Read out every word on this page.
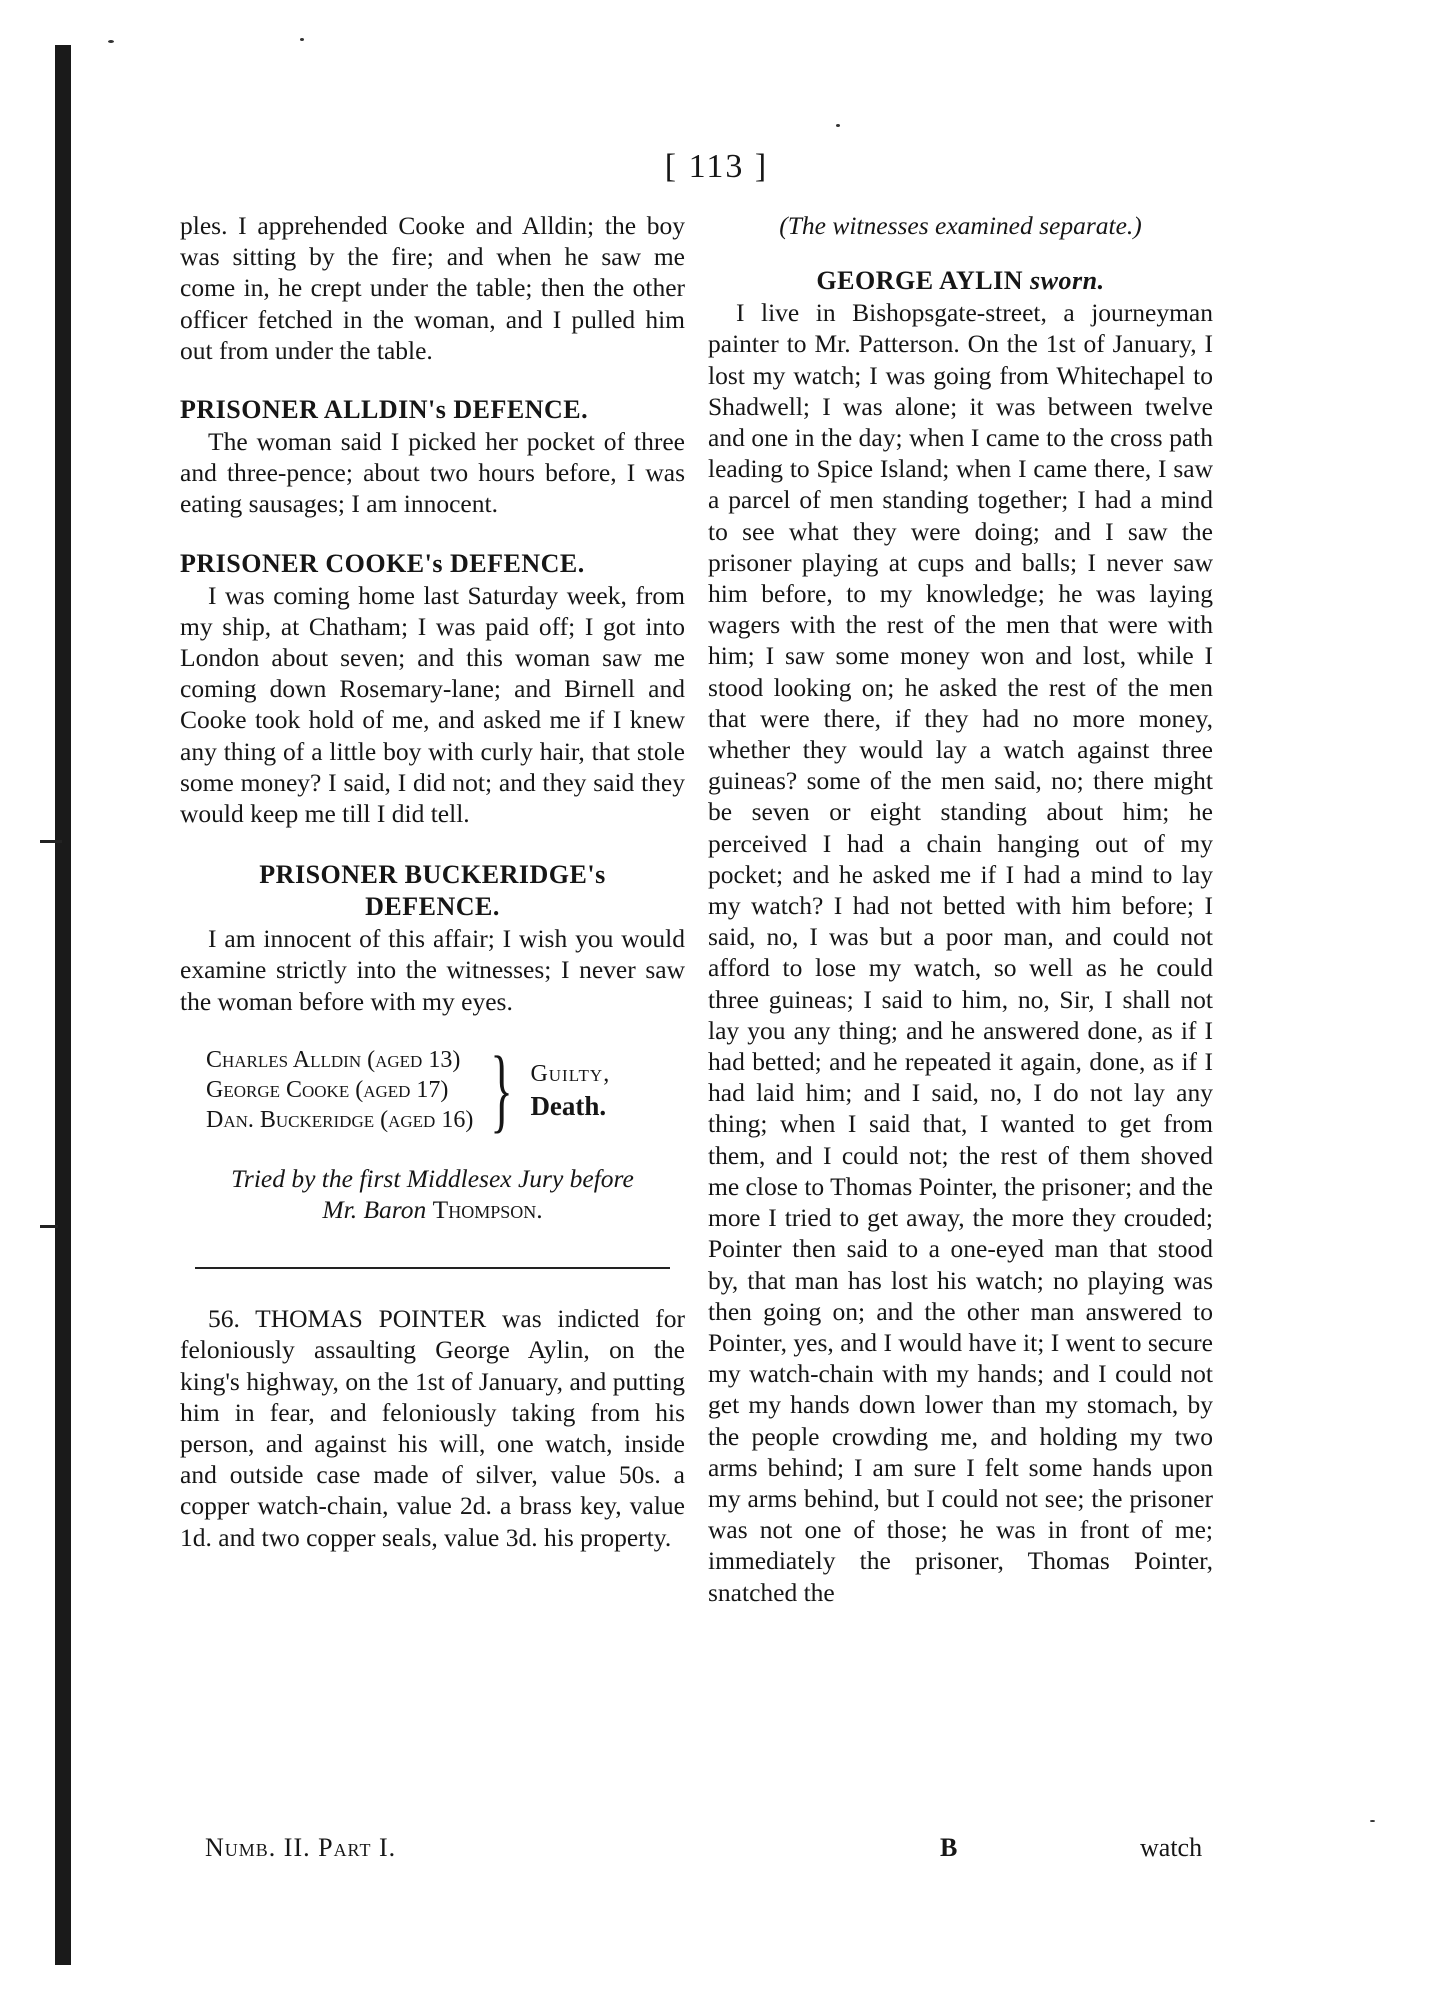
[ 113 ]

ples. I apprehended Cooke and Alldin; the boy was sitting by the fire; and when he saw me come in, he crept under the table; then the other officer fetched in the woman, and I pulled him out from under the table.

PRISONER ALLDIN's DEFENCE.

The woman said I picked her pocket of three and three-pence; about two hours before, I was eating sausages; I am innocent.

PRISONER COOKE's DEFENCE.

I was coming home last Saturday week, from my ship, at Chatham; I was paid off; I got into London about seven; and this woman saw me coming down Rosemary-lane; and Birnell and Cooke took hold of me, and asked me if I knew any thing of a little boy with curly hair, that stole some money? I said, I did not; and they said they would keep me till I did tell.

PRISONER BUCKERIDGE's
DEFENCE.

I am innocent of this affair; I wish you would examine strictly into the witnesses; I never saw the woman before with my eyes.

Charles Alldin (aged 13)
George Cooke (aged 17)
Dan. Buckeridge (aged 16) } Guilty,
Death.

Tried by the first Middlesex Jury before

Mr. Baron Thompson.

56. THOMAS POINTER was indicted for feloniously assaulting George Aylin, on the king's highway, on the 1st of January, and putting him in fear, and feloniously taking from his person, and against his will, one watch, inside and outside case made of silver, value 50s. a copper watch-chain, value 2d. a brass key, value 1d. and two copper seals, value 3d. his property.

(The witnesses examined separate.)

GEORGE AYLIN sworn.

I live in Bishopsgate-street, a journeyman painter to Mr. Patterson. On the 1st of January, I lost my watch; I was going from Whitechapel to Shadwell; I was alone; it was between twelve and one in the day; when I came to the cross path leading to Spice Island; when I came there, I saw a parcel of men standing together; I had a mind to see what they were doing; and I saw the prisoner playing at cups and balls; I never saw him before, to my knowledge; he was laying wagers with the rest of the men that were with him; I saw some money won and lost, while I stood looking on; he asked the rest of the men that were there, if they had no more money, whether they would lay a watch against three guineas? some of the men said, no; there might be seven or eight standing about him; he perceived I had a chain hanging out of my pocket; and he asked me if I had a mind to lay my watch? I had not betted with him before; I said, no, I was but a poor man, and could not afford to lose my watch, so well as he could three guineas; I said to him, no, Sir, I shall not lay you any thing; and he answered done, as if I had betted; and he repeated it again, done, as if I had laid him; and I said, no, I do not lay any thing; when I said that, I wanted to get from them, and I could not; the rest of them shoved me close to Thomas Pointer, the prisoner; and the more I tried to get away, the more they crouded; Pointer then said to a one-eyed man that stood by, that man has lost his watch; no playing was then going on; and the other man answered to Pointer, yes, and I would have it; I went to secure my watch-chain with my hands; and I could not get my hands down lower than my stomach, by the people crowding me, and holding my two arms behind; I am sure I felt some hands upon my arms behind, but I could not see; the prisoner was not one of those; he was in front of me; immediately the prisoner, Thomas Pointer, snatched the

Numb. II. Part I.	B	watch
